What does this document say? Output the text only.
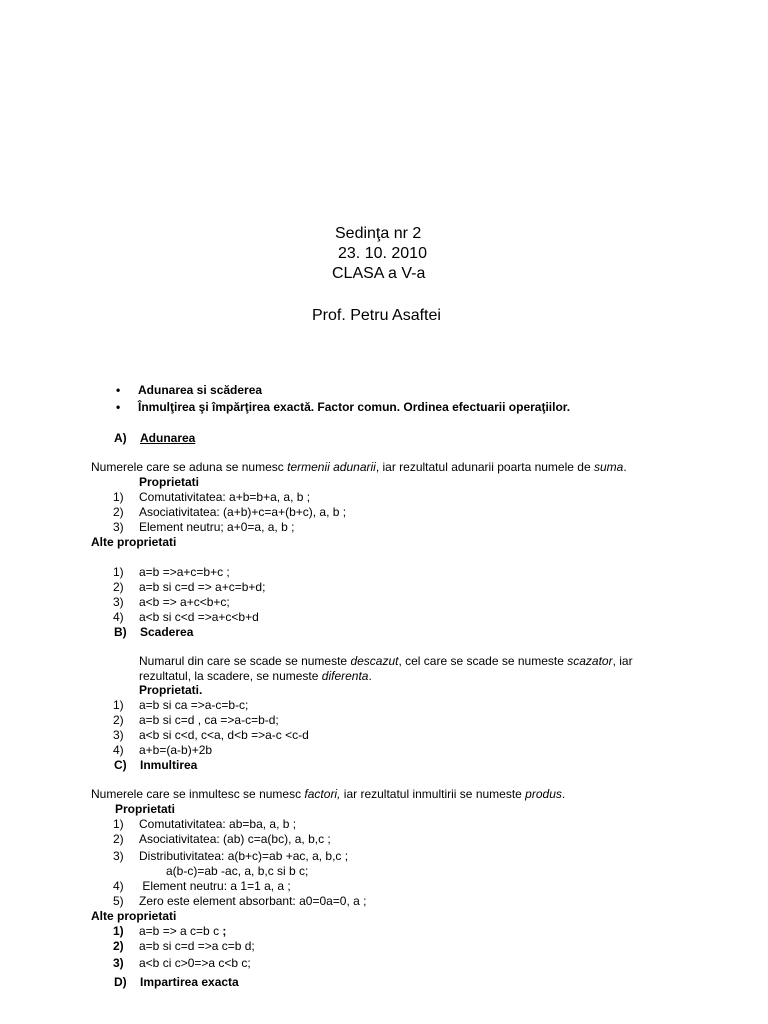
Sedinţa nr 2
23. 10. 2010
CLASA a V-a
Prof. Petru Asaftei
• Adunarea si scăderea
• Înmulţirea şi împărţirea exactă. Factor comun. Ordinea efectuarii operaţiilor.
A) Adunarea
Numerele care se aduna se numesc termenii adunarii, iar rezultatul adunarii poarta numele de suma.
Proprietati
1) Comutativitatea: a+b=b+a, a, b ;
2) Asociativitatea: (a+b)+c=a+(b+c), a, b ;
3) Element neutru; a+0=a, a, b ;
Alte proprietati
1) a=b =>a+c=b+c ;
2) a=b si c=d => a+c=b+d;
3) a<b => a+c<b+c;
4) a<b si c<d =>a+c<b+d
B) Scaderea
Numarul din care se scade se numeste descazut, cel care se scade se numeste scazator, iar
rezultatul, la scadere, se numeste diferenta.
Proprietati.
1) a=b si ca =>a-c=b-c;
2) a=b si c=d , ca =>a-c=b-d;
3) a<b si c<d, c<a, d<b =>a-c <c-d
4) a+b=(a-b)+2b
C) Inmultirea
Numerele care se inmultesc se numesc factori, iar rezultatul inmultirii se numeste produs.
Proprietati
1) Comutativitatea: ab=ba, a, b ;
2) Asociativitatea: (ab) c=a(bc), a, b,c ;
3) Distributivitatea: a(b+c)=ab +ac, a, b,c ;
a(b-c)=ab -ac, a, b,c si b c;
4) Element neutru: a 1=1 a, a ;
5) Zero este element absorbant: a0=0a=0, a ;
Alte proprietati
1) a=b => a c=b c ;
2) a=b si c=d =>a c=b d;
3) a<b ci c>0=>a c<b c;
D) Impartirea exacta
